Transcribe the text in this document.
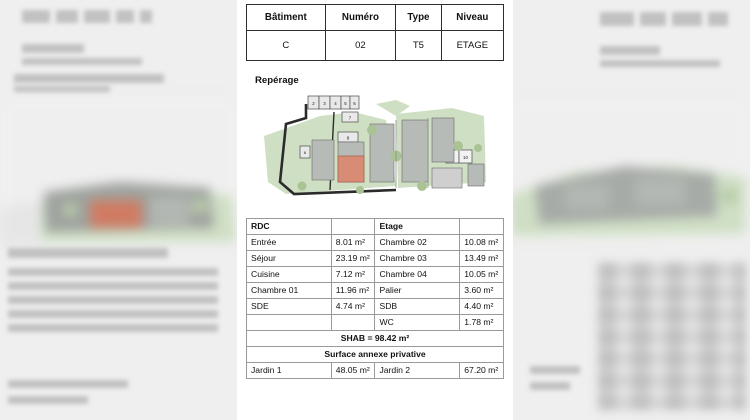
Bâtiment	Numéro	Type	Niveau
C	02	T5	ETAGE
Repérage
2 3 4 5 6
7
8
6
10
RDC		Etage	
Entrée	8.01 m²	Chambre 02	10.08 m²
Séjour	23.19 m²	Chambre 03	13.49 m²
Cuisine	7.12 m²	Chambre 04	10.05 m²
Chambre 01	11.96 m²	Palier	3.60 m²
SDE	4.74 m²	SDB	4.40 m²
		WC	1.78 m²
SHAB = 98.42 m²			
Surface annexe privative			
Jardin 1	48.05 m²	Jardin 2	67.20 m²
